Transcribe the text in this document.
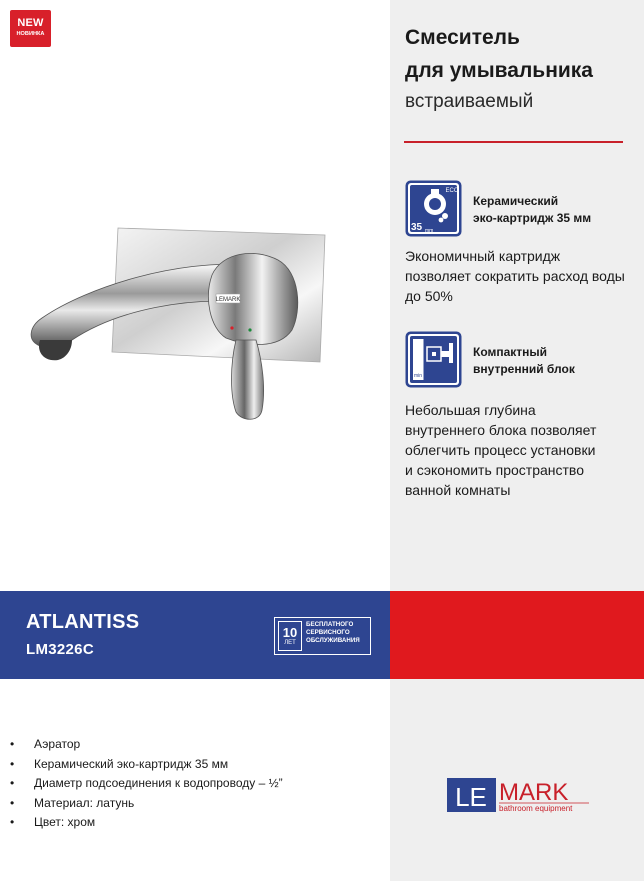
NEW
НОВИНКА
LEMARK
Смеситель
для умывальника
встраиваемый
ECO
35 mm
Керамический
эко-картридж 35 мм
Экономичный картридж
позволяет сократить расход воды
до 50%
min
Компактный
внутренний блок
Небольшая глубина
внутреннего блока позволяет
облегчить процесс установки
и сэкономить пространство
ванной комнаты
ATLANTISS
LM3226C
10
ЛЕТ
БЕСПЛАТНОГО
СЕРВИСНОГО
ОБСЛУЖИВАНИЯ
• Аэратор
• Керамический эко-картридж 35 мм
• Диаметр подсоединения к водопроводу – ½”
• Материал: латунь
• Цвет: хром
LE MARK
bathroom equipment
